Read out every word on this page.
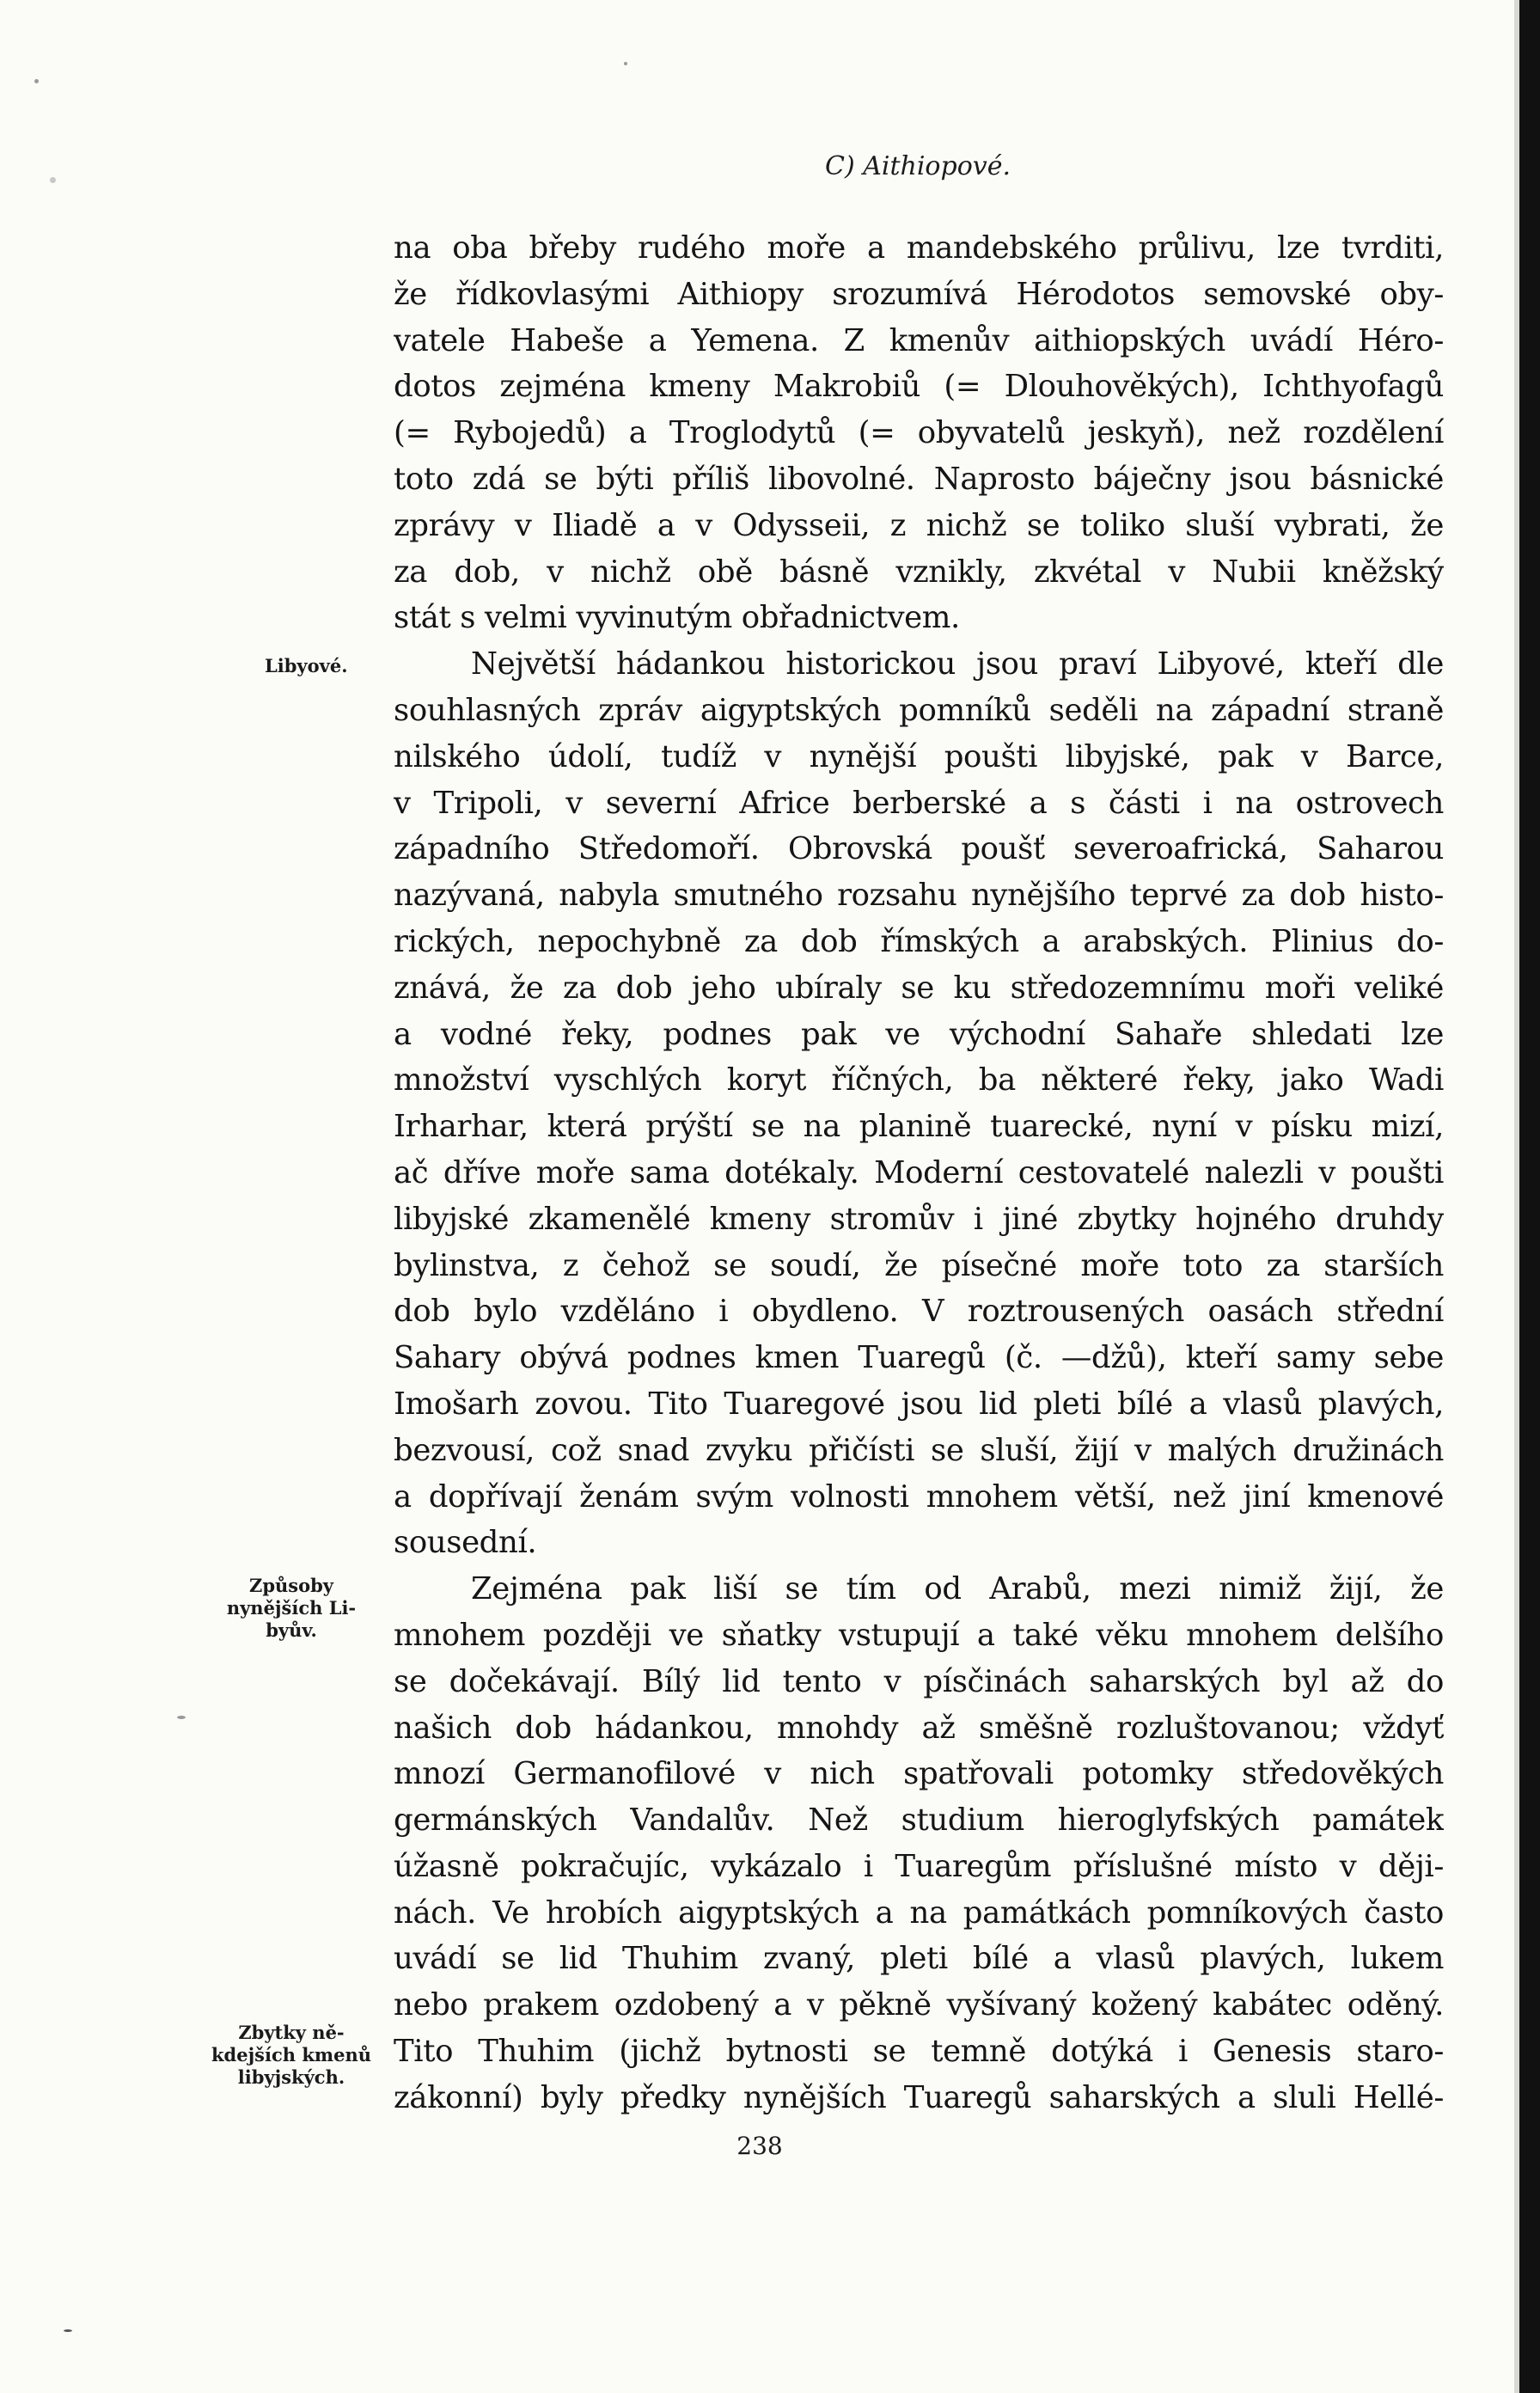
C) Aithiopové.
Libyové.
Způsoby
nynějších Li-
byův.
Zbytky ně-
kdejších kmenů
libyjských.
na oba břeby rudého moře a mandebského průlivu, lze tvrditi,
že řídkovlasými Aithiopy srozumívá Hérodotos semovské oby-
vatele Habeše a Yemena. Z kmenův aithiopských uvádí Héro-
dotos zejména kmeny Makrobiů (= Dlouhověkých), Ichthyofagů
(= Rybojedů) a Troglodytů (= obyvatelů jeskyň), než rozdělení
toto zdá se býti příliš libovolné. Naprosto báječny jsou básnické
zprávy v Iliadě a v Odysseii, z nichž se toliko sluší vybrati, že
za dob, v nichž obě básně vznikly, zkvétal v Nubii kněžský
stát s velmi vyvinutým obřadnictvem.
Největší hádankou historickou jsou praví Libyové, kteří dle
souhlasných zpráv aigyptských pomníků seděli na západní straně
nilského údolí, tudíž v nynější poušti libyjské, pak v Barce,
v Tripoli, v severní Africe berberské a s části i na ostrovech
západního Středomoří. Obrovská poušť severoafrická, Saharou
nazývaná, nabyla smutného rozsahu nynějšího teprvé za dob histo-
rických, nepochybně za dob římských a arabských. Plinius do-
znává, že za dob jeho ubíraly se ku středozemnímu moři veliké
a vodné řeky, podnes pak ve východní Sahaře shledati lze
množství vyschlých koryt říčných, ba některé řeky, jako Wadi
Irharhar, která prýští se na planině tuarecké, nyní v písku mizí,
ač dříve moře sama dotékaly. Moderní cestovatelé nalezli v poušti
libyjské zkamenělé kmeny stromův i jiné zbytky hojného druhdy
bylinstva, z čehož se soudí, že písečné moře toto za starších
dob bylo vzděláno i obydleno. V roztrousených oasách střední
Sahary obývá podnes kmen Tuaregů (č. —džů), kteří samy sebe
Imošarh zovou. Tito Tuaregové jsou lid pleti bílé a vlasů plavých,
bezvousí, což snad zvyku přičísti se sluší, žijí v malých družinách
a dopřívají ženám svým volnosti mnohem větší, než jiní kmenové
sousední.
Zejména pak liší se tím od Arabů, mezi nimiž žijí, že
mnohem později ve sňatky vstupují a také věku mnohem delšího
se dočekávají. Bílý lid tento v písčinách saharských byl až do
našich dob hádankou, mnohdy až směšně rozluštovanou; vždyť
mnozí Germanofilové v nich spatřovali potomky středověkých
germánských Vandalův. Než studium hieroglyfských památek
úžasně pokračujíc, vykázalo i Tuaregům příslušné místo v ději-
nách. Ve hrobích aigyptských a na památkách pomníkových často
uvádí se lid Thuhim zvaný, pleti bílé a vlasů plavých, lukem
nebo prakem ozdobený a v pěkně vyšívaný kožený kabátec oděný.
Tito Thuhim (jichž bytnosti se temně dotýká i Genesis staro-
zákonní) byly předky nynějších Tuaregů saharských a sluli Hellé-
238
